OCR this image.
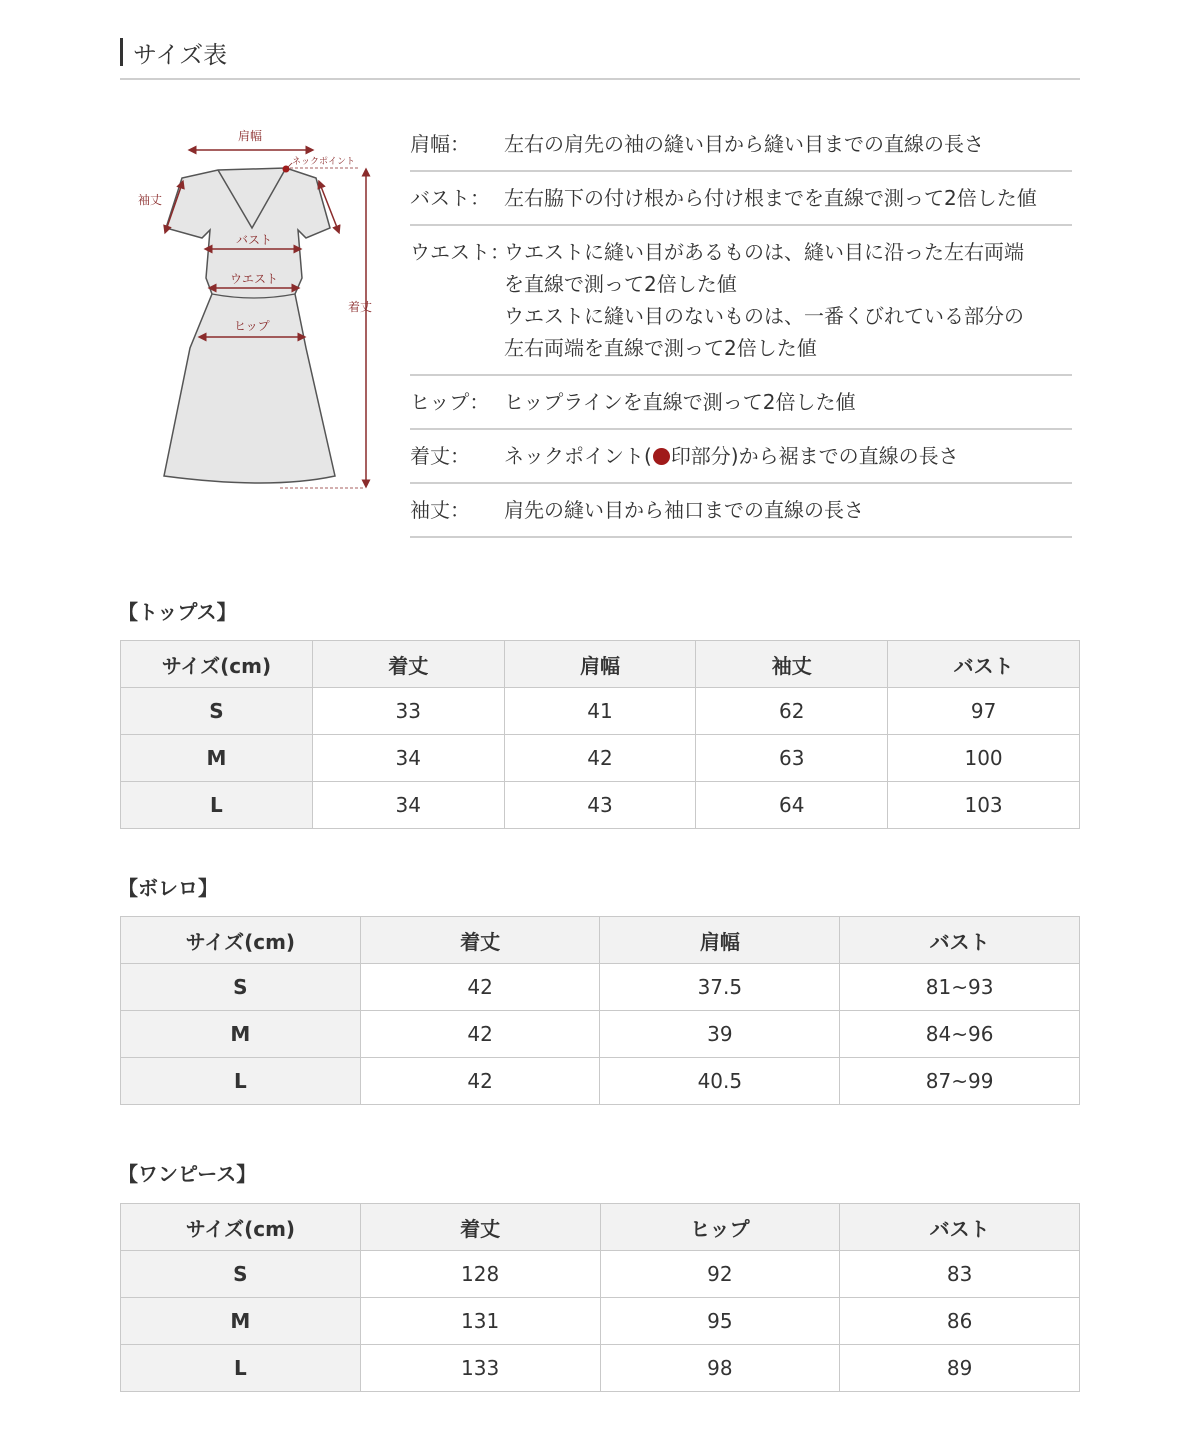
サイズ表
肩幅
ネックポイント
袖丈
バスト
ウエスト
ヒップ
着丈
肩幅：	左右の肩先の袖の縫い目から縫い目までの直線の長さ
バスト： 左右脇下の付け根から付け根までを直線で測って2倍した値
ウエスト：
ウエストに縫い目があるものは、縫い目に沿った左右両端
を直線で測って2倍した値
ウエストに縫い目のないものは、一番くびれている部分の
左右両端を直線で測って2倍した値
ヒップ： ヒップラインを直線で測って2倍した値
着丈：	ネックポイント( 印部分)から裾までの直線の長さ
袖丈：	肩先の縫い目から袖口までの直線の長さ
【トップス】
サイズ(cm)	着丈	肩幅	袖丈	バスト
S	33	41	62	97
M	34	42	63	100
L	34	43	64	103
【ボレロ】
サイズ(cm)	着丈	肩幅	バスト
S	42	37.5	81~93
M	42	39	84~96
L	42	40.5	87~99
【ワンピース】
サイズ(cm)	着丈	ヒップ	バスト
S	128	92	83
M	131	95	86
L	133	98	89
